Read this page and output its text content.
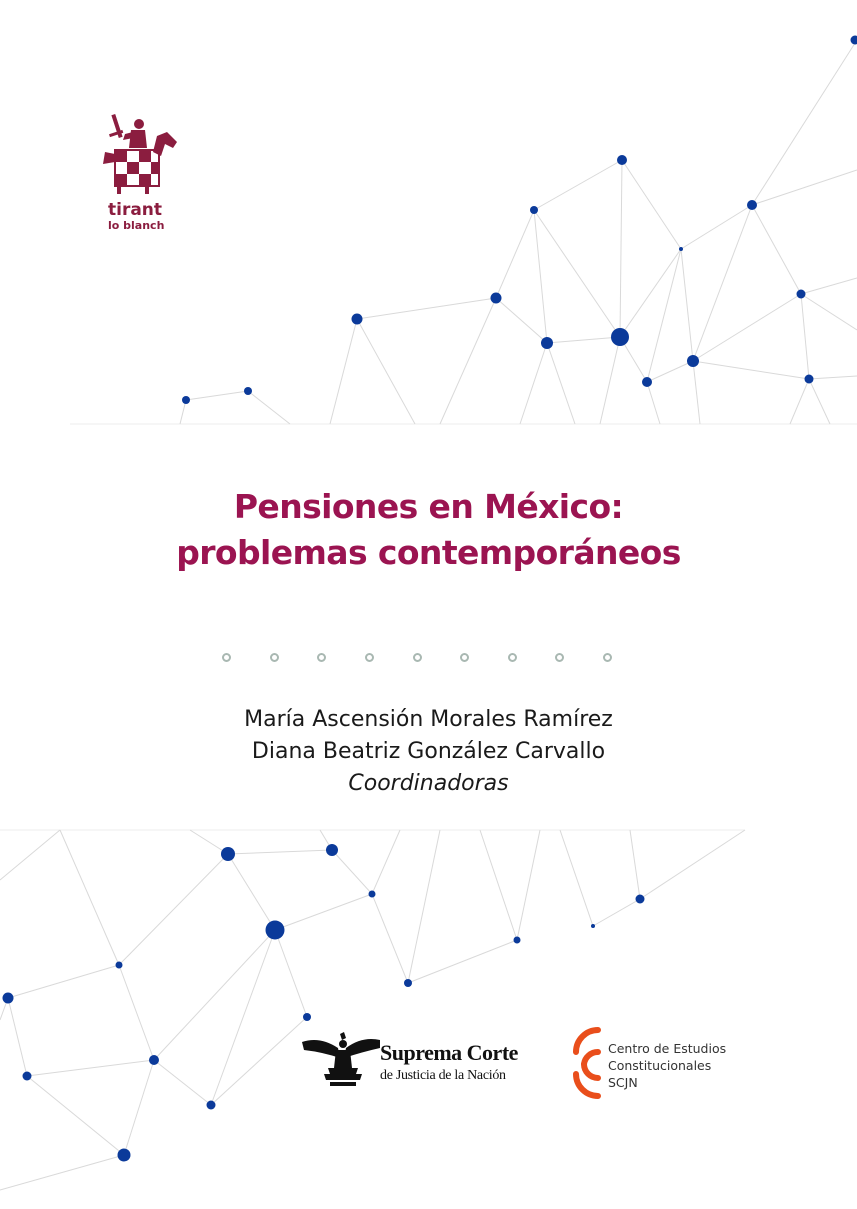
tirant
lo blanch
Pensiones en México:
problemas contemporáneos
María Ascensión Morales Ramírez
Diana Beatriz González Carvallo
Coordinadoras
Suprema Corte
de Justicia de la Nación
Centro de Estudios
Constitucionales
SCJN
